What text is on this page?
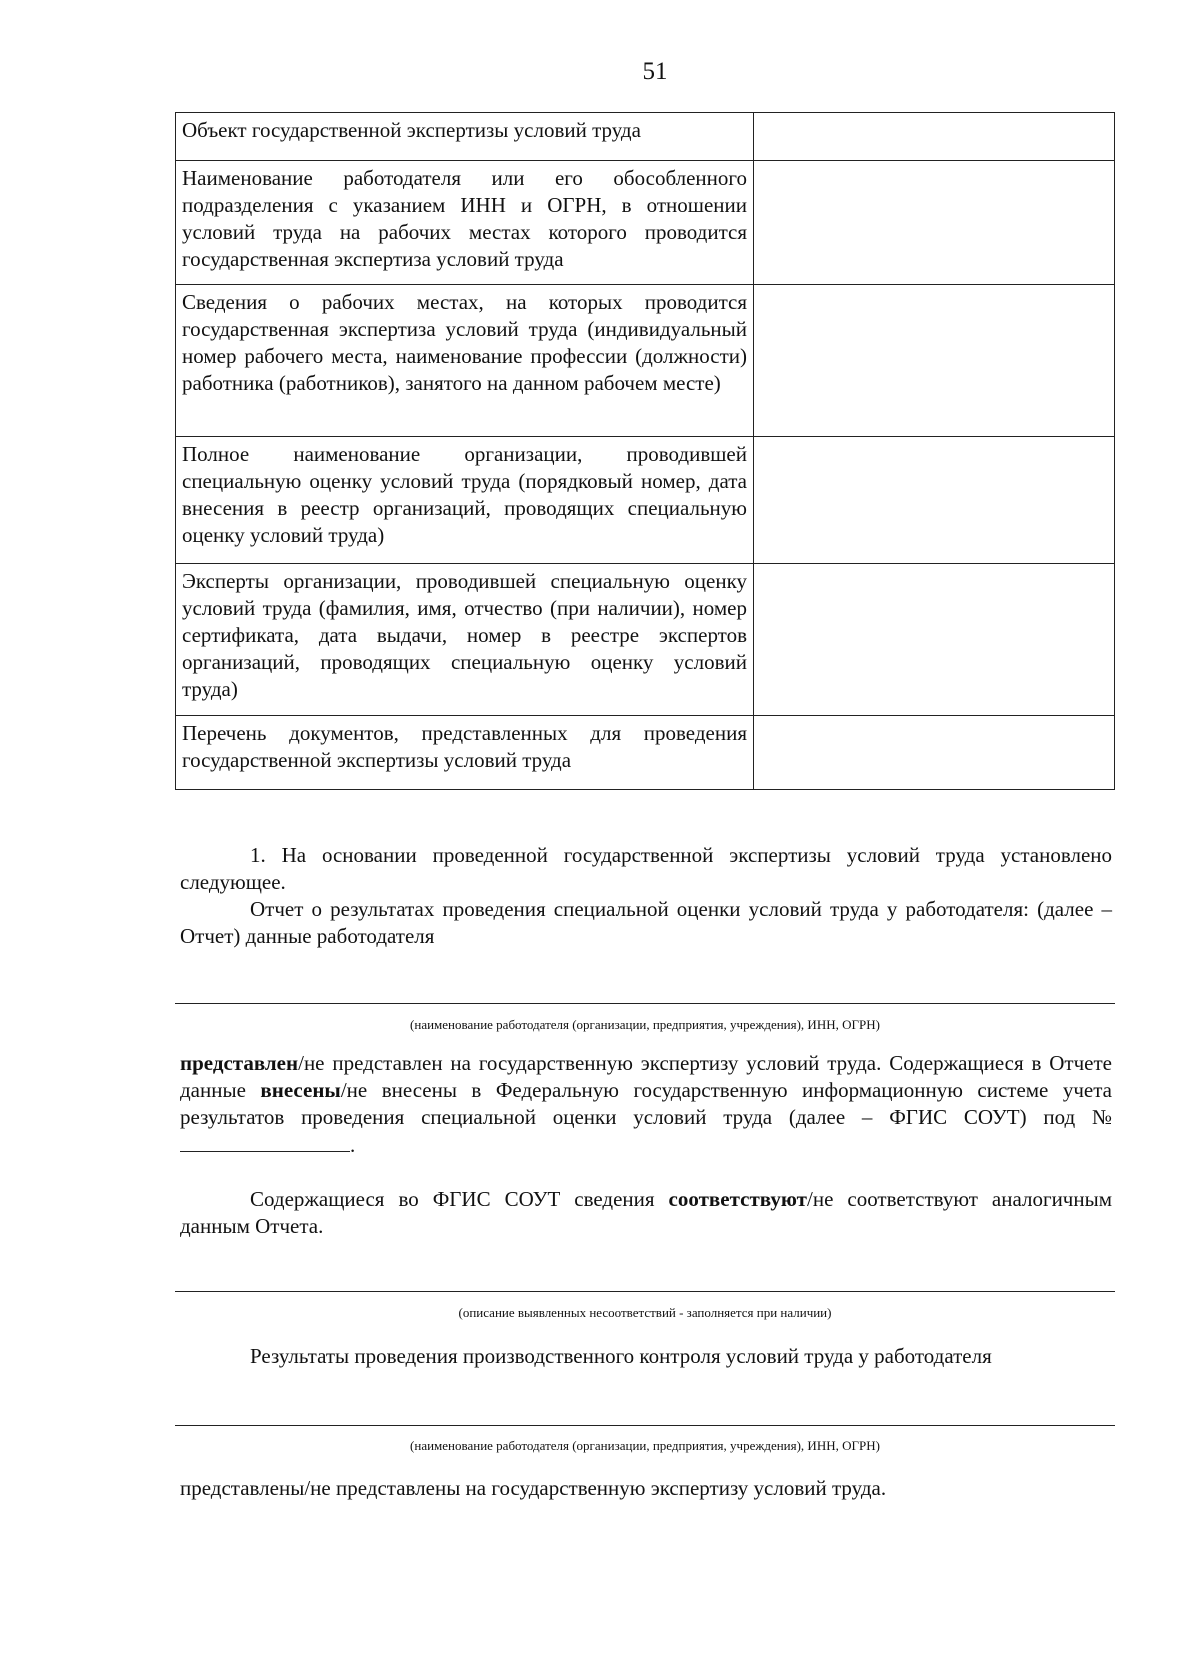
51
Объект государственной экспертизы условий труда	
Наименование работодателя или его обособленного подразделения с указанием ИНН и ОГРН, в отношении условий труда на рабочих местах которого проводится государственная экспертиза условий труда	
Сведения о рабочих местах, на которых проводится государственная экспертиза условий труда (индивидуальный номер рабочего места, наименование профессии (должности) работника (работников), занятого на данном рабочем месте)	
Полное наименование организации, проводившей специальную оценку условий труда (порядковый номер, дата внесения в реестр организаций, проводящих специальную оценку условий труда)	
Эксперты организации, проводившей специальную оценку условий труда (фамилия, имя, отчество (при наличии), номер сертификата, дата выдачи, номер в реестре экспертов организаций, проводящих специальную оценку условий труда)	
Перечень документов, представленных для проведения государственной экспертизы условий труда	
1. На основании проведенной государственной экспертизы условий труда установлено следующее.
Отчет о результатах проведения специальной оценки условий труда у работодателя: (далее – Отчет) данные работодателя
(наименование работодателя (организации, предприятия, учреждения), ИНН, ОГРН)
представлен/не представлен на государственную экспертизу условий труда. Содержащиеся в Отчете данные внесены/не внесены в Федеральную государственную информационную системе учета результатов проведения специальной оценки условий труда (далее – ФГИС СОУТ) под № .
Содержащиеся во ФГИС СОУТ сведения соответствуют/не соответствуют аналогичным данным Отчета.
(описание выявленных несоответствий - заполняется при наличии)
Результаты проведения производственного контроля условий труда у работодателя
(наименование работодателя (организации, предприятия, учреждения), ИНН, ОГРН)
представлены/не представлены на государственную экспертизу условий труда.
